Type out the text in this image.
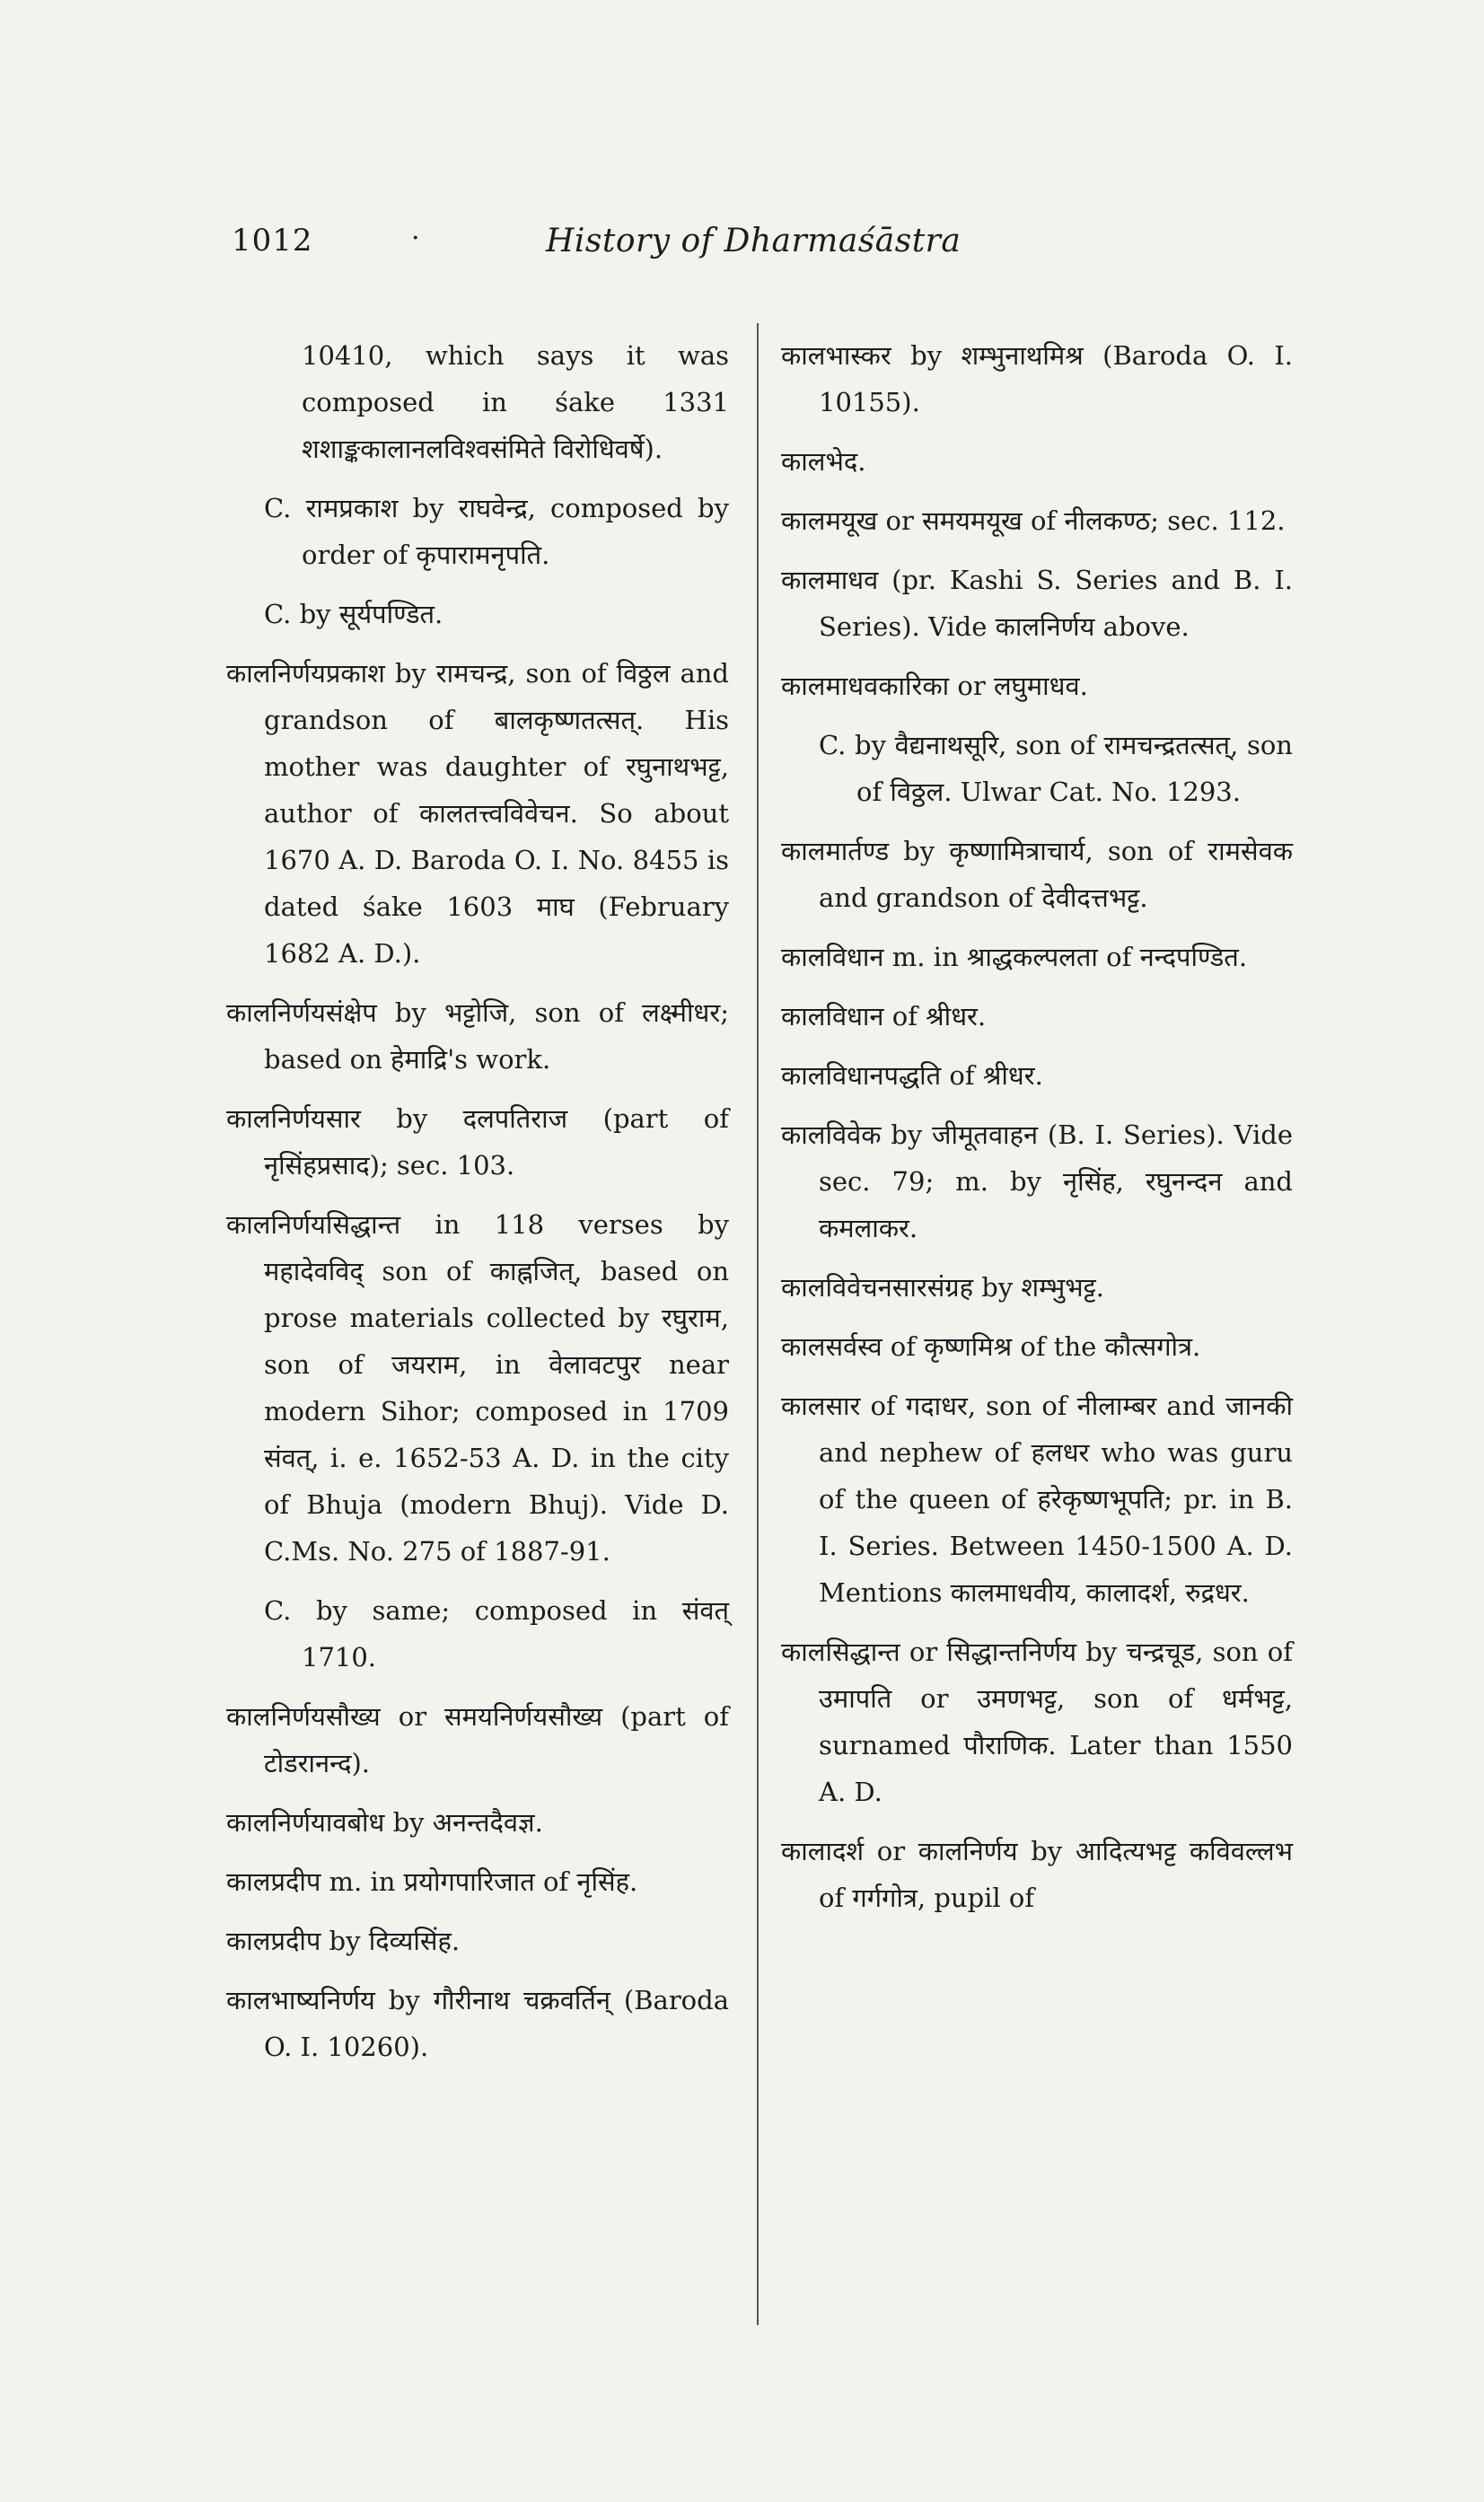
1012	·	History of Dharmaśāstra

10410, which says it was composed in śake 1331 शशाङ्ककालानलविश्वसंमिते विरोधिवर्षे).

C. रामप्रकाश by राघवेन्द्र, composed by order of कृपारामनृपति.

C. by सूर्यपण्डित.

कालनिर्णयप्रकाश by रामचन्द्र, son of विठ्ठल and grandson of बालकृष्णतत्सत्. His mother was daughter of रघुनाथभट्ट, author of कालतत्त्वविवेचन. So about 1670 A. D. Baroda O. I. No. 8455 is dated śake 1603 माघ (February 1682 A. D.).

कालनिर्णयसंक्षेप by भट्टोजि, son of लक्ष्मीधर; based on हेमाद्रि's work.

कालनिर्णयसार by दलपतिराज (part of नृसिंहप्रसाद); sec. 103.

कालनिर्णयसिद्धान्त in 118 verses by महादेवविद् son of काह्नजित्, based on prose materials collected by रघुराम, son of जयराम, in वेलावटपुर near modern Sihor; composed in 1709 संवत्, i. e. 1652-53 A. D. in the city of Bhuja (modern Bhuj). Vide D. C.Ms. No. 275 of 1887-91.

C. by same; composed in संवत् 1710.

कालनिर्णयसौख्य or समयनिर्णयसौख्य (part of टोडरानन्द).

कालनिर्णयावबोध by अनन्तदैवज्ञ.

कालप्रदीप m. in प्रयोगपारिजात of नृसिंह.

कालप्रदीप by दिव्यसिंह.

कालभाष्यनिर्णय by गौरीनाथ चक्रवर्तिन् (Baroda O. I. 10260).

कालभास्कर by शम्भुनाथमिश्र (Baroda O. I. 10155).

कालभेद.

कालमयूख or समयमयूख of नीलकण्ठ; sec. 112.

कालमाधव (pr. Kashi S. Series and B. I. Series). Vide कालनिर्णय above.

कालमाधवकारिका or लघुमाधव.

C. by वैद्यनाथसूरि, son of रामचन्द्रतत्सत्, son of विठ्ठल. Ulwar Cat. No. 1293.

कालमार्तण्ड by कृष्णामित्राचार्य, son of रामसेवक and grandson of देवीदत्तभट्ट.

कालविधान m. in श्राद्धकल्पलता of नन्दपण्डित.

कालविधान of श्रीधर.

कालविधानपद्धति of श्रीधर.

कालविवेक by जीमूतवाहन (B. I. Series). Vide sec. 79; m. by नृसिंह, रघुनन्दन and कमलाकर.

कालविवेचनसारसंग्रह by शम्भुभट्ट.

कालसर्वस्व of कृष्णमिश्र of the कौत्सगोत्र.

कालसार of गदाधर, son of नीलाम्बर and जानकी and nephew of हलधर who was guru of the queen of हरेकृष्णभूपति; pr. in B. I. Series. Between 1450-1500 A. D. Mentions कालमाधवीय, कालादर्श, रुद्रधर.

कालसिद्धान्त or सिद्धान्तनिर्णय by चन्द्रचूड, son of उमापति or उमणभट्ट, son of धर्मभट्ट, surnamed पौराणिक. Later than 1550 A. D.

कालादर्श or कालनिर्णय by आदित्यभट्ट कविवल्लभ of गर्गगोत्र, pupil of
